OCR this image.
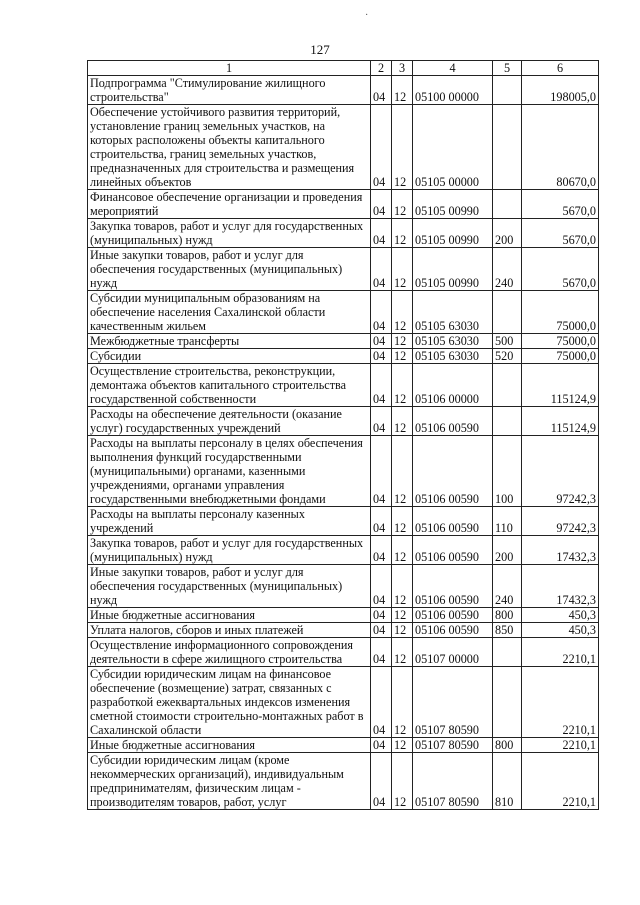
·
127
1	2	3	4	5	6
Подпрограмма "Стимулирование жилищного строительства"	04	12	05100 00000		198005,0
Обеспечение устойчивого развития территорий, установление границ земельных участков, на которых расположены объекты капитального строительства, границ земельных участков, предназначенных для строительства и размещения линейных объектов	04	12	05105 00000		80670,0
Финансовое обеспечение организации и проведения мероприятий	04	12	05105 00990		5670,0
Закупка товаров, работ и услуг для государственных (муниципальных) нужд	04	12	05105 00990	200	5670,0
Иные закупки товаров, работ и услуг для обеспечения государственных (муниципальных) нужд	04	12	05105 00990	240	5670,0
Субсидии муниципальным образованиям на обеспечение населения Сахалинской области качественным жильем	04	12	05105 63030		75000,0
Межбюджетные трансферты	04	12	05105 63030	500	75000,0
Субсидии	04	12	05105 63030	520	75000,0
Осуществление строительства, реконструкции, демонтажа объектов капитального строительства государственной собственности	04	12	05106 00000		115124,9
Расходы на обеспечение деятельности (оказание услуг) государственных учреждений	04	12	05106 00590		115124,9
Расходы на выплаты персоналу в целях обеспечения выполнения функций государственными (муниципальными) органами, казенными учреждениями, органами управления государственными внебюджетными фондами	04	12	05106 00590	100	97242,3
Расходы на выплаты персоналу казенных учреждений	04	12	05106 00590	110	97242,3
Закупка товаров, работ и услуг для государственных (муниципальных) нужд	04	12	05106 00590	200	17432,3
Иные закупки товаров, работ и услуг для обеспечения государственных (муниципальных) нужд	04	12	05106 00590	240	17432,3
Иные бюджетные ассигнования	04	12	05106 00590	800	450,3
Уплата налогов, сборов и иных платежей	04	12	05106 00590	850	450,3
Осуществление информационного сопровождения деятельности в сфере жилищного строительства	04	12	05107 00000		2210,1
Субсидии юридическим лицам на финансовое обеспечение (возмещение) затрат, связанных с разработкой ежеквартальных индексов изменения сметной стоимости строительно-монтажных работ в Сахалинской области	04	12	05107 80590		2210,1
Иные бюджетные ассигнования	04	12	05107 80590	800	2210,1
Субсидии юридическим лицам (кроме некоммерческих организаций), индивидуальным предпринимателям, физическим лицам - производителям товаров, работ, услуг	04	12	05107 80590	810	2210,1
